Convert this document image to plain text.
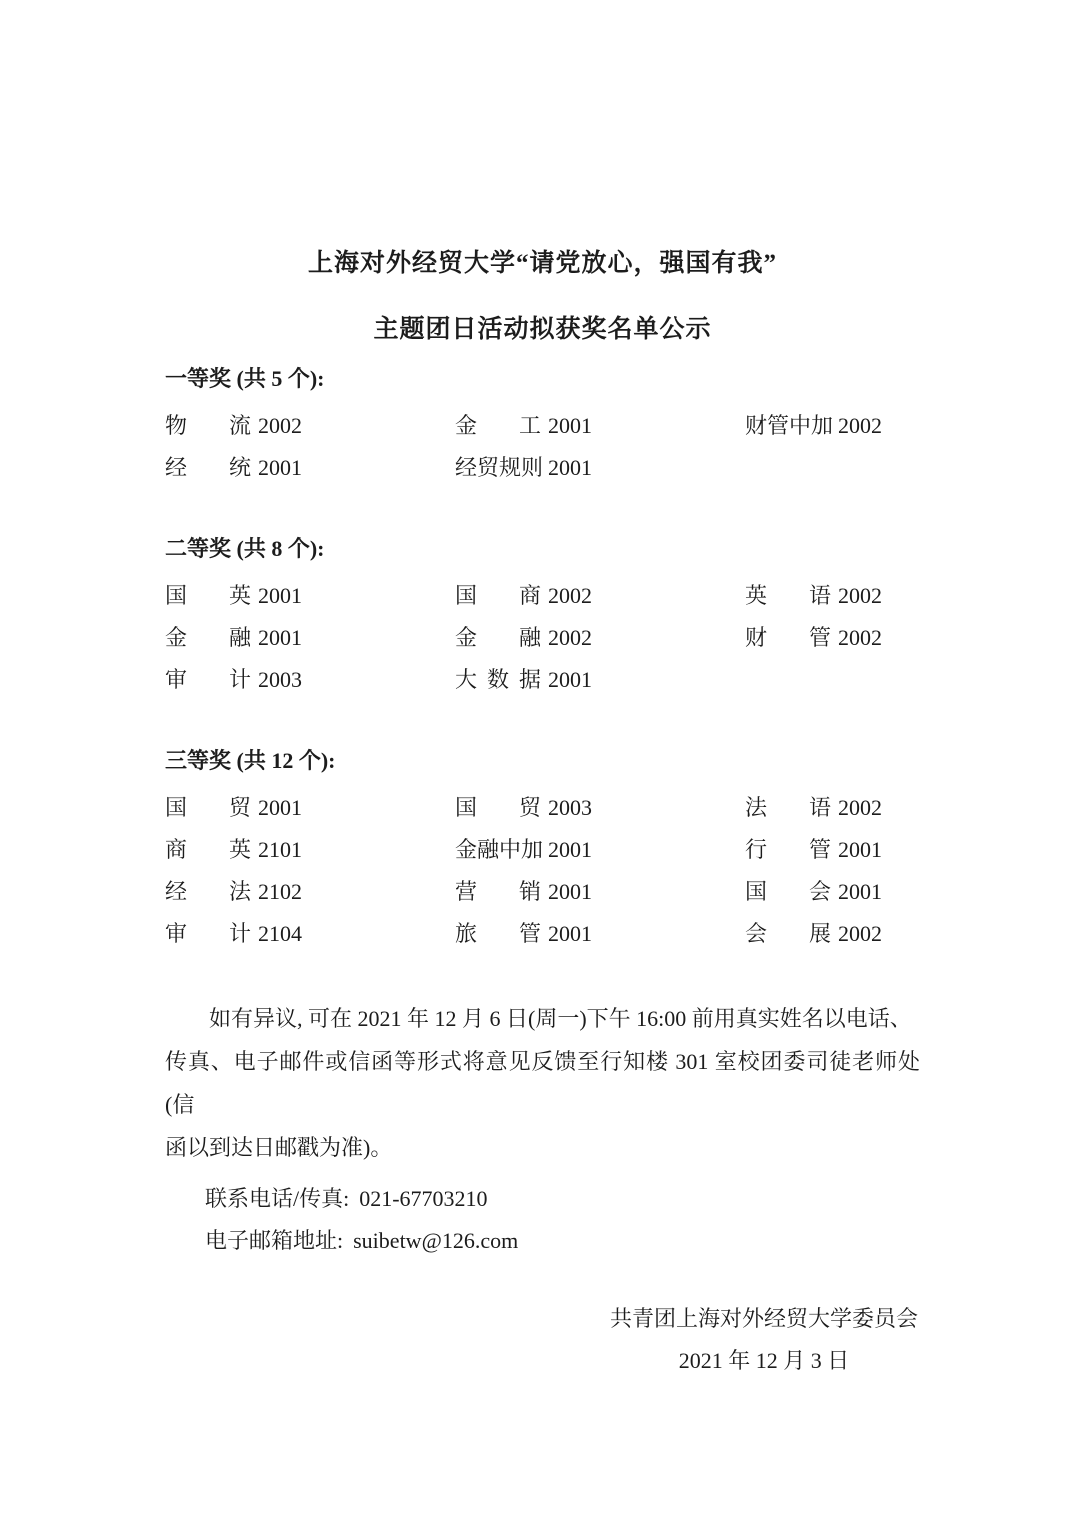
上海对外经贸大学“请党放心，强国有我”
主题团日活动拟获奖名单公示
一等奖 (共 5 个):
物 流 2002	金 工 2001	财 管 中 加 2002
经 统 2001	经 贸 规 则 2001
二等奖 (共 8 个):
国 英 2001	国 商 2002	英 语 2002
金 融 2001	金 融 2002	财 管 2002
审 计 2003	大 数 据 2001
三等奖 (共 12 个):
国 贸 2001	国 贸 2003	法 语 2002
商 英 2101	金 融 中 加 2001	行 管 2001
经 法 2102	营 销 2001	国 会 2001
审 计 2104	旅 管 2001	会 展 2002
如有异议, 可在 2021 年 12 月 6 日(周一)下午 16:00 前用真实姓名以电话、
传真、电子邮件或信函等形式将意见反馈至行知楼 301 室校团委司徒老师处(信
函以到达日邮戳为准)。
联系电话/传真: 021-67703210
电子邮箱地址: suibetw@126.com
共青团上海对外经贸大学委员会
2021 年 12 月 3 日
